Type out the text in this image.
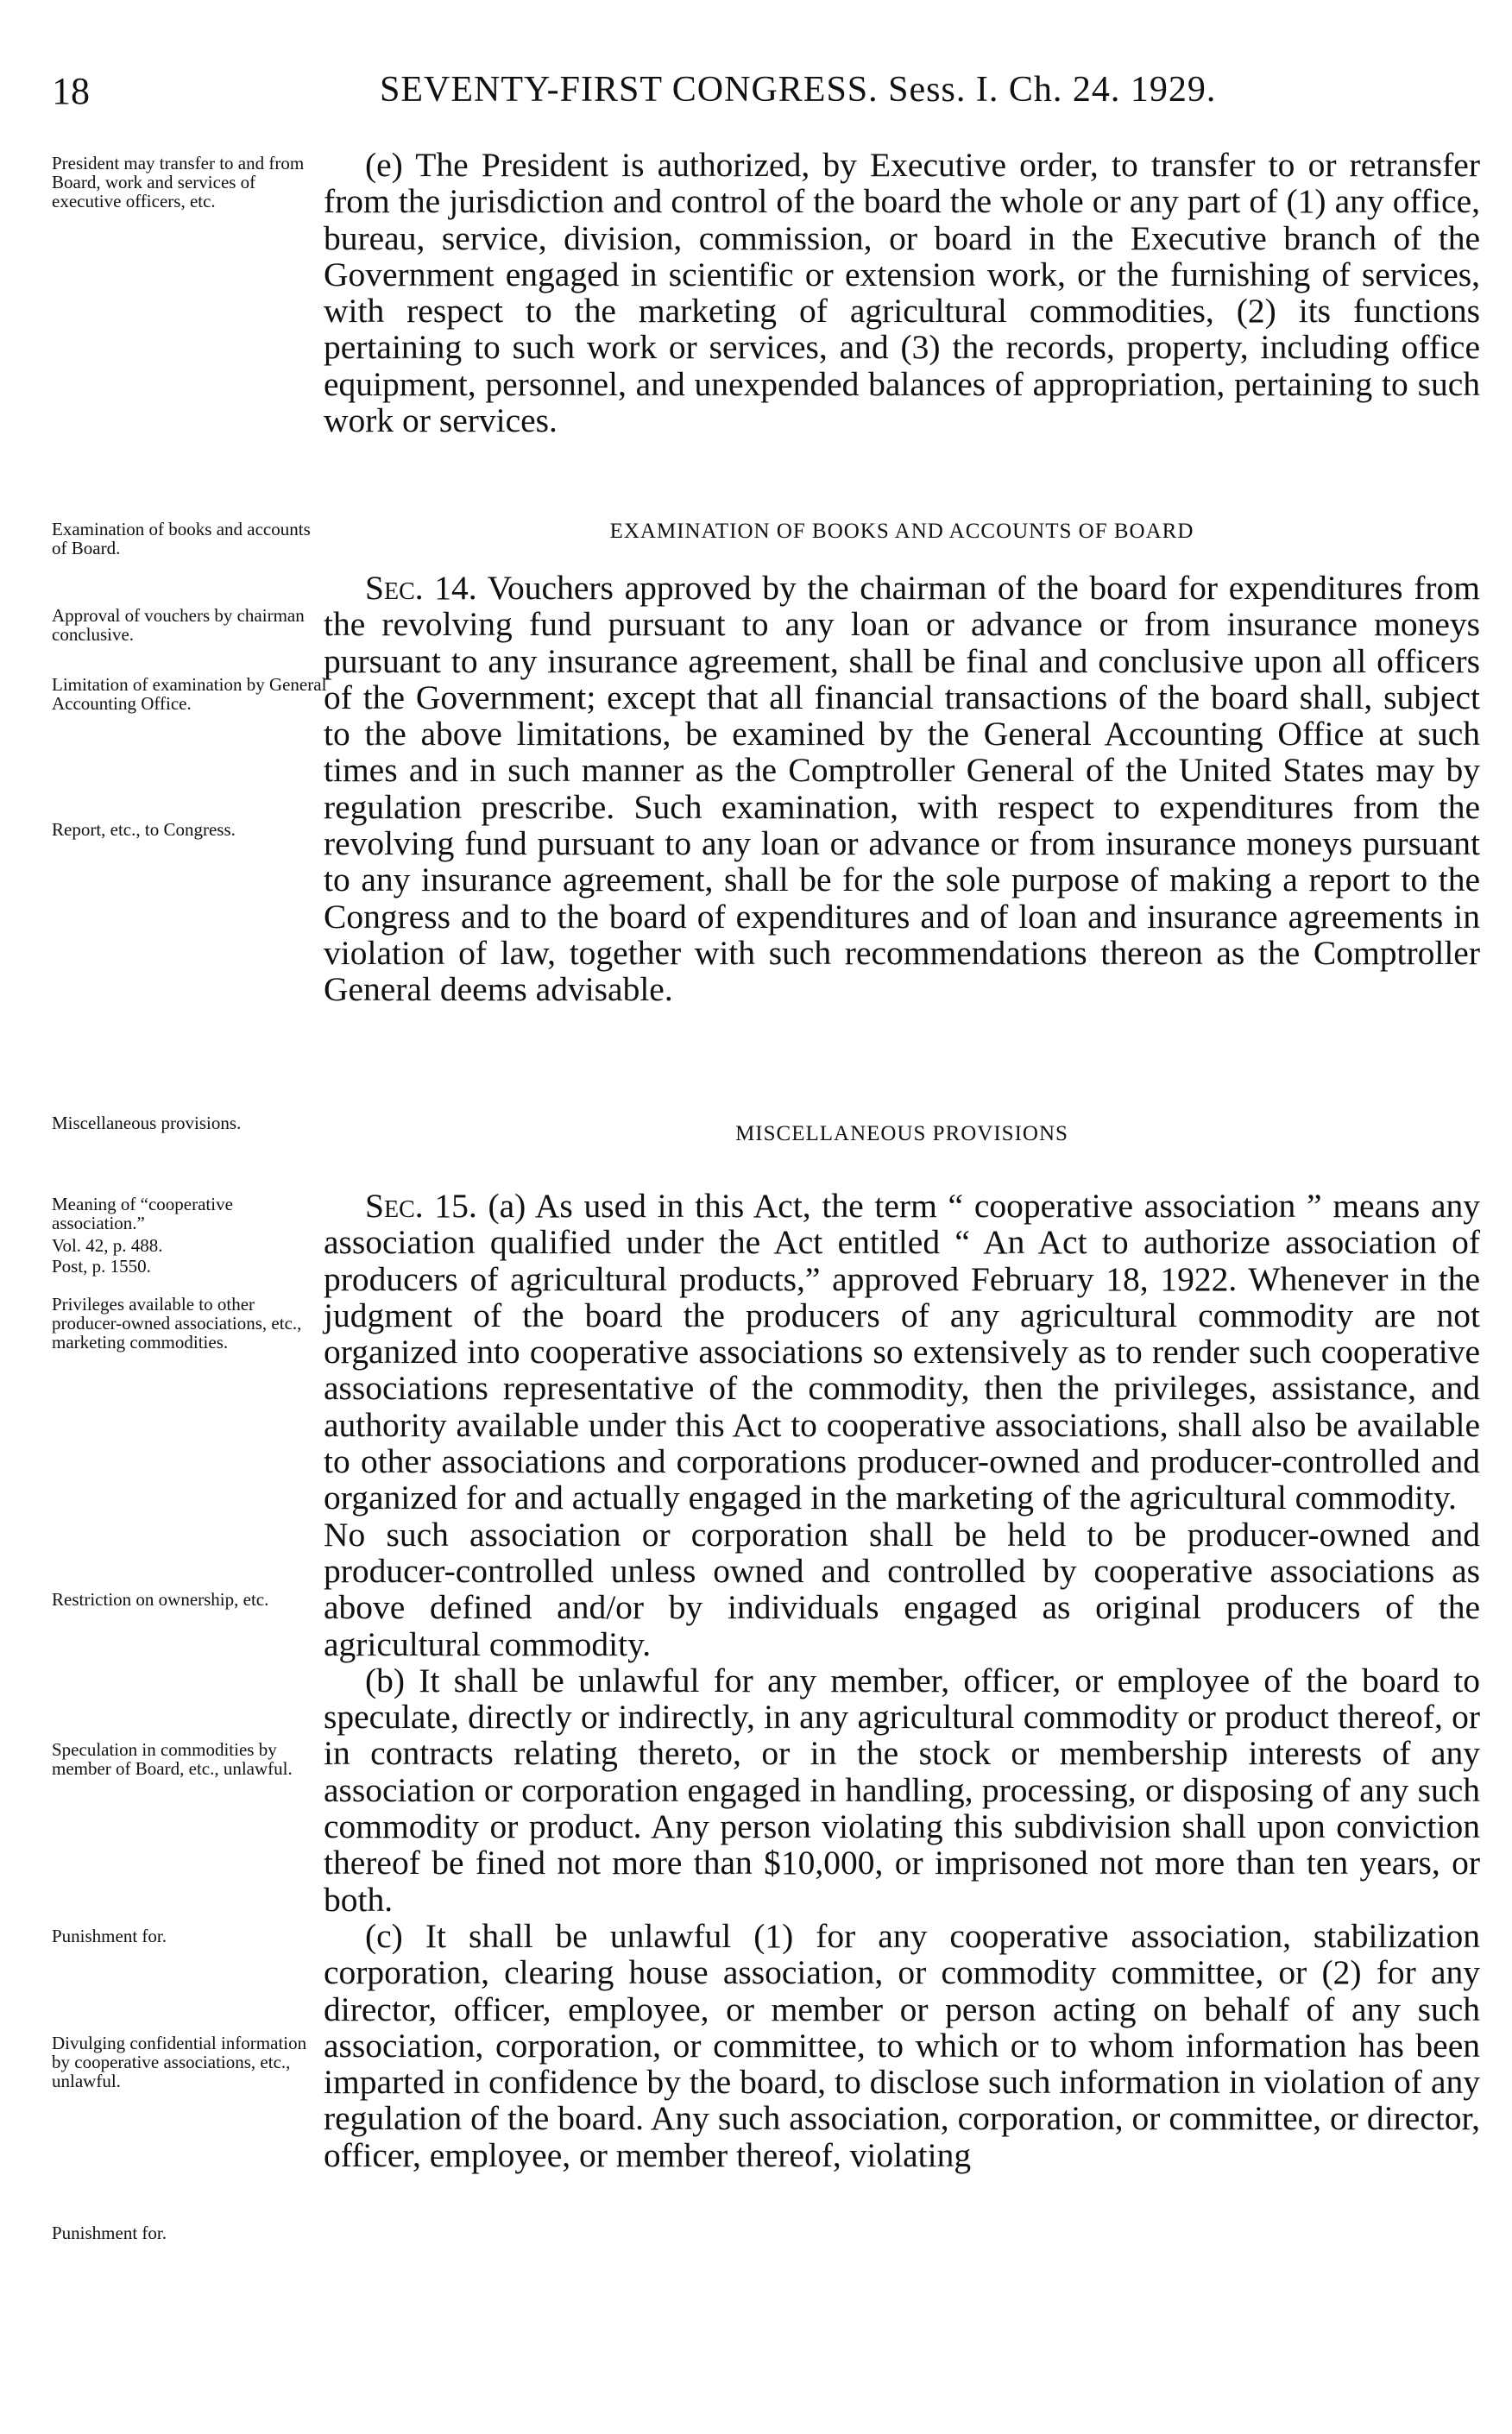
18	SEVENTY-FIRST CONGRESS. Sess. I. Ch. 24. 1929.
President may transfer to and from Board, work and services of executive officers, etc.

(e) The President is authorized, by Executive order, to transfer to or retransfer from the jurisdiction and control of the board the whole or any part of (1) any office, bureau, service, division, commission, or board in the Executive branch of the Government engaged in scientific or extension work, or the furnishing of services, with respect to the marketing of agricultural commodities, (2) its functions pertaining to such work or services, and (3) the records, property, including office equipment, personnel, and unexpended balances of appropriation, pertaining to such work or services.

Examination of books and accounts of Board.
EXAMINATION OF BOOKS AND ACCOUNTS OF BOARD
Approval of vouchers by chairman conclusive.
Limitation of examination by General Accounting Office.
Report, etc., to Congress.

Sec. 14. Vouchers approved by the chairman of the board for expenditures from the revolving fund pursuant to any loan or advance or from insurance moneys pursuant to any insurance agreement, shall be final and conclusive upon all officers of the Government; except that all financial transactions of the board shall, subject to the above limitations, be examined by the General Accounting Office at such times and in such manner as the Comptroller General of the United States may by regulation prescribe. Such examination, with respect to expenditures from the revolving fund pursuant to any loan or advance or from insurance moneys pursuant to any insurance agreement, shall be for the sole purpose of making a report to the Congress and to the board of expenditures and of loan and insurance agreements in violation of law, together with such recommendations thereon as the Comptroller General deems advisable.

Miscellaneous provisions.	MISCELLANEOUS PROVISIONS
Meaning of “cooperative association.”
Vol. 42, p. 488.
Post, p. 1550.
Privileges available to other producer-owned associations, etc., marketing commodities.
Restriction on ownership, etc.
Speculation in commodities by member of Board, etc., unlawful.
Punishment for.
Divulging confidential information by cooperative associations, etc., unlawful.
Punishment for.

Sec. 15. (a) As used in this Act, the term “ cooperative association ” means any association qualified under the Act entitled “ An Act to authorize association of producers of agricultural products,” approved February 18, 1922. Whenever in the judgment of the board the producers of any agricultural commodity are not organized into cooperative associations so extensively as to render such cooperative associations representative of the commodity, then the privileges, assistance, and authority available under this Act to cooperative associations, shall also be available to other associations and corporations producer-owned and producer-controlled and organized for and actually engaged in the marketing of the agricultural commodity.

No such association or corporation shall be held to be producer-owned and producer-controlled unless owned and controlled by cooperative associations as above defined and/or by individuals engaged as original producers of the agricultural commodity.

(b) It shall be unlawful for any member, officer, or employee of the board to speculate, directly or indirectly, in any agricultural commodity or product thereof, or in contracts relating thereto, or in the stock or membership interests of any association or corporation engaged in handling, processing, or disposing of any such commodity or product. Any person violating this subdivision shall upon conviction thereof be fined not more than $10,000, or imprisoned not more than ten years, or both.

(c) It shall be unlawful (1) for any cooperative association, stabilization corporation, clearing house association, or commodity committee, or (2) for any director, officer, employee, or member or person acting on behalf of any such association, corporation, or committee, to which or to whom information has been imparted in confidence by the board, to disclose such information in violation of any regulation of the board. Any such association, corporation, or committee, or director, officer, employee, or member thereof, violating
